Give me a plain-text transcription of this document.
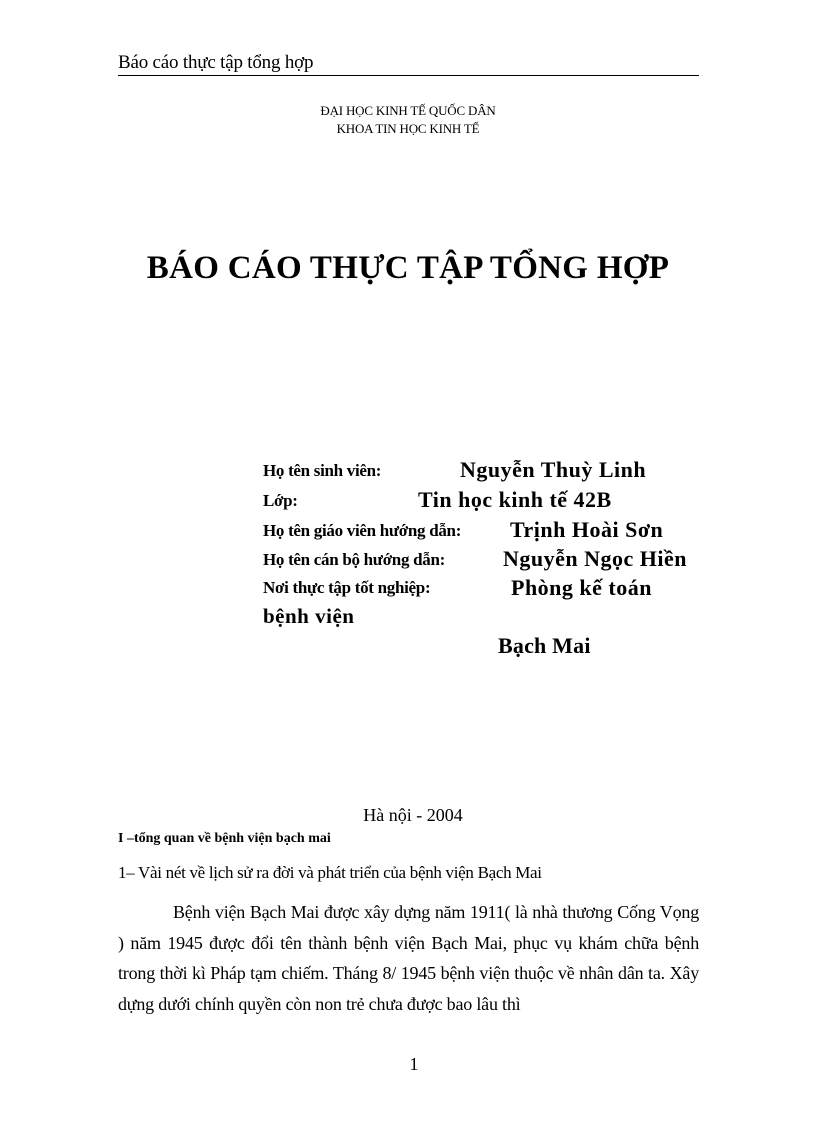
Báo cáo thực tập tổng hợp
ĐẠI HỌC KINH TẾ QUỐC DÂN
KHOA TIN HỌC KINH TẾ
BÁO CÁO THỰC TẬP TỔNG HỢP
Họ tên sinh viên:	Nguyễn Thuỳ Linh
Lớp:	Tin học kinh tế 42B
Họ tên giáo viên hướng dẫn: Trịnh Hoài Sơn
Họ tên cán bộ hướng dẫn:	Nguyễn Ngọc Hiền
Nơi thực tập tốt nghiệp:	Phòng kế toán
bệnh viện
Bạch Mai
Hà nội - 2004
I –tổng quan về bệnh viện bạch mai
1– Vài nét về lịch sử ra đời và phát triển của bệnh viện Bạch Mai
Bệnh viện Bạch Mai được xây dựng năm 1911( là nhà thương Cống Vọng ) năm 1945 được đổi tên thành bệnh viện Bạch Mai, phục vụ khám chữa bệnh trong thời kì Pháp tạm chiếm. Tháng 8/ 1945 bệnh viện thuộc về nhân dân ta. Xây dựng dưới chính quyền còn non trẻ chưa được bao lâu thì
1
